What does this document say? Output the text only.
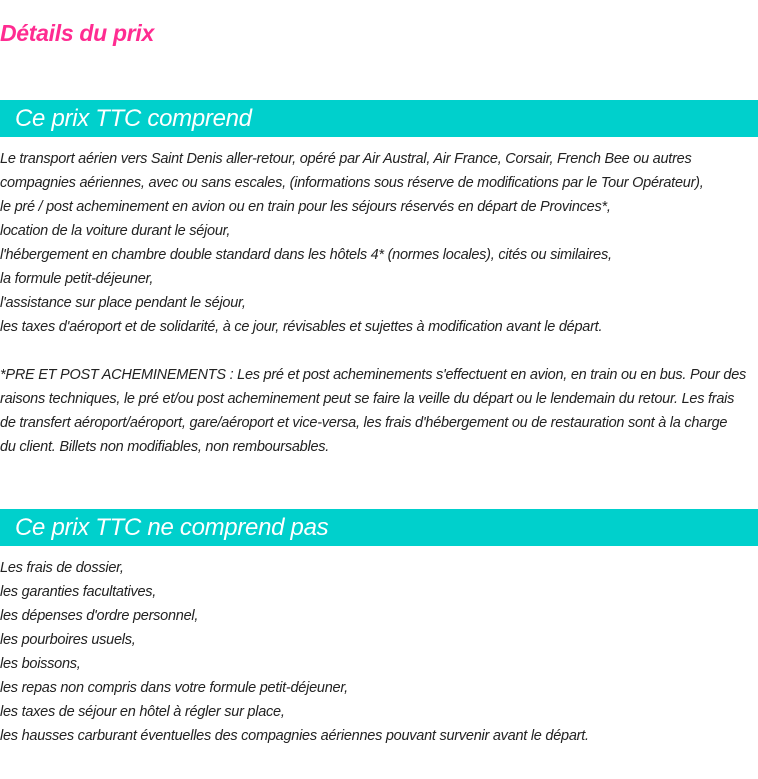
Détails du prix
Ce prix TTC comprend
Le transport aérien vers Saint Denis aller-retour, opéré par Air Austral, Air France, Corsair, French Bee ou autres
compagnies aériennes, avec ou sans escales, (informations sous réserve de modifications par le Tour Opérateur),
le pré / post acheminement en avion ou en train pour les séjours réservés en départ de Provinces*,
location de la voiture durant le séjour,
l'hébergement en chambre double standard dans les hôtels 4* (normes locales), cités ou similaires,
la formule petit-déjeuner,
l'assistance sur place pendant le séjour,
les taxes d'aéroport et de solidarité, à ce jour, révisables et sujettes à modification avant le départ.
*PRE ET POST ACHEMINEMENTS : Les pré et post acheminements s'effectuent en avion, en train ou en bus. Pour des
raisons techniques, le pré et/ou post acheminement peut se faire la veille du départ ou le lendemain du retour. Les frais
de transfert aéroport/aéroport, gare/aéroport et vice-versa, les frais d'hébergement ou de restauration sont à la charge
du client. Billets non modifiables, non remboursables.
Ce prix TTC ne comprend pas
Les frais de dossier,
les garanties facultatives,
les dépenses d'ordre personnel,
les pourboires usuels,
les boissons,
les repas non compris dans votre formule petit-déjeuner,
les taxes de séjour en hôtel à régler sur place,
les hausses carburant éventuelles des compagnies aériennes pouvant survenir avant le départ.
